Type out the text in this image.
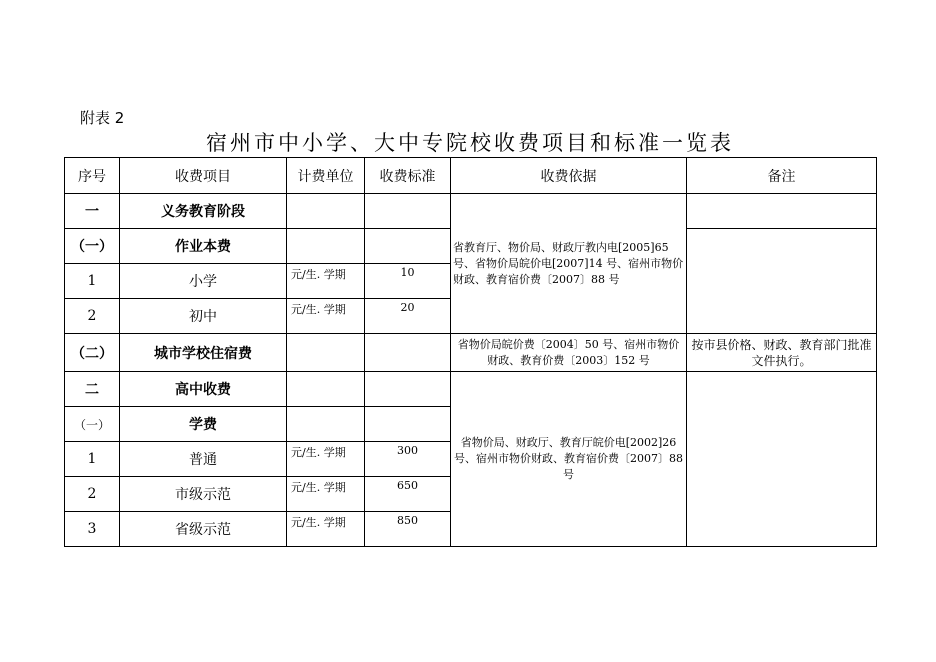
附表 2
宿州市中小学、大中专院校收费项目和标准一览表
序号	收费项目	计费单位	收费标准	收费依据	备注
一	义务教育阶段			省教育厅、物价局、财政厅教内电[2005]65 号、省物价局皖价电[2007]14 号、宿州市物价财政、教育宿价费〔2007〕88 号	
（一）	作业本费				
1	小学	元/生. 学期	10		
2	初中	元/生. 学期	20		
（二）	城市学校住宿费			省物价局皖价费〔2004〕50 号、宿州市物价财政、教育价费〔2003〕152 号	按市县价格、财政、教育部门批准文件执行。
二	高中收费			省物价局、财政厅、教育厅皖价电[2002]26 号、宿州市物价财政、教育宿价费〔2007〕88 号	
（一）	学费				
1	普通	元/生. 学期	300		
2	市级示范	元/生. 学期	650		
3	省级示范	元/生. 学期	850		
